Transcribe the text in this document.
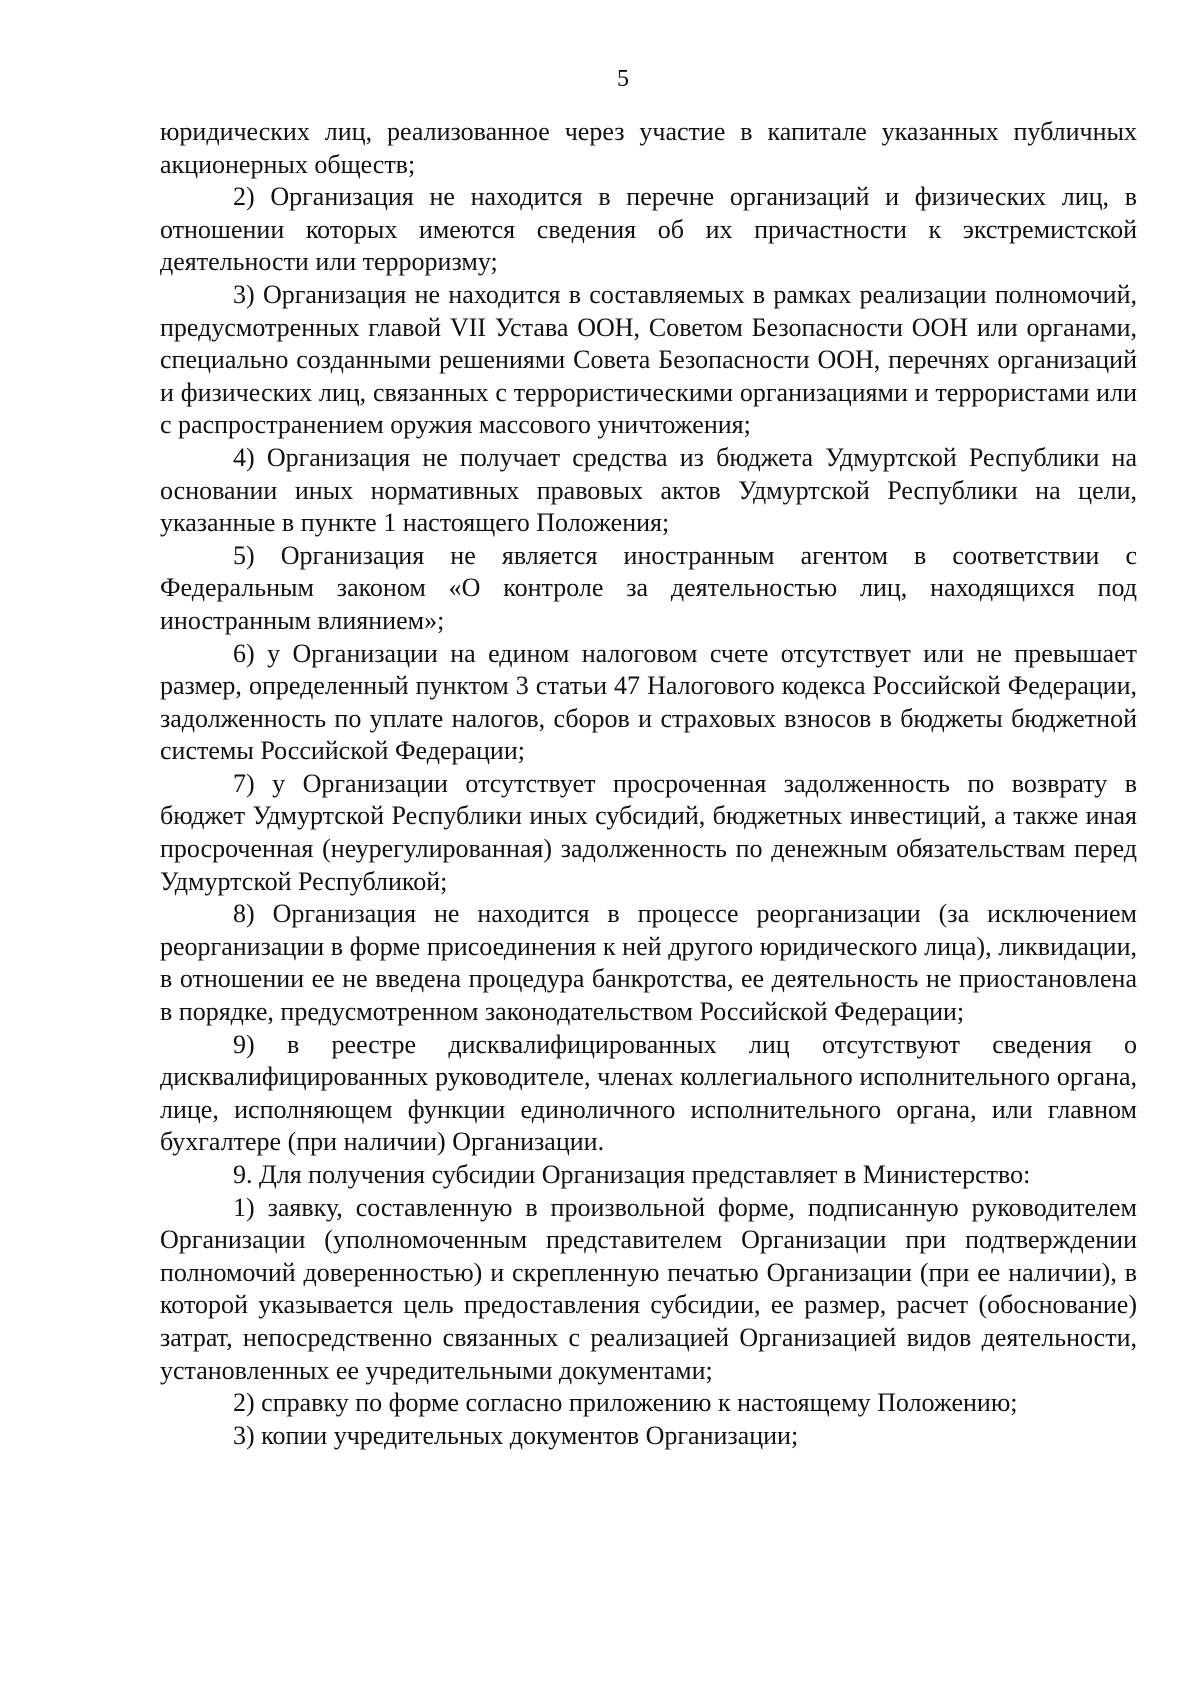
5

юридических лиц, реализованное через участие в капитале указанных публичных акционерных обществ;

2) Организация не находится в перечне организаций и физических лиц, в отношении которых имеются сведения об их причастности к экстремистской деятельности или терроризму;

3) Организация не находится в составляемых в рамках реализации полномочий, предусмотренных главой VII Устава ООН, Советом Безопасности ООН или органами, специально созданными решениями Совета Безопасности ООН, перечнях организаций и физических лиц, связанных с террористическими организациями и террористами или с распространением оружия массового уничтожения;

4) Организация не получает средства из бюджета Удмуртской Республики на основании иных нормативных правовых актов Удмуртской Республики на цели, указанные в пункте 1 настоящего Положения;

5) Организация не является иностранным агентом в соответствии с Федеральным законом «О контроле за деятельностью лиц, находящихся под иностранным влиянием»;

6) у Организации на едином налоговом счете отсутствует или не превышает размер, определенный пунктом 3 статьи 47 Налогового кодекса Российской Федерации, задолженность по уплате налогов, сборов и страховых взносов в бюджеты бюджетной системы Российской Федерации;

7) у Организации отсутствует просроченная задолженность по возврату в бюджет Удмуртской Республики иных субсидий, бюджетных инвестиций, а также иная просроченная (неурегулированная) задолженность по денежным обязательствам перед Удмуртской Республикой;

8) Организация не находится в процессе реорганизации (за исключением реорганизации в форме присоединения к ней другого юридического лица), ликвидации, в отношении ее не введена процедура банкротства, ее деятельность не приостановлена в порядке, предусмотренном законодательством Российской Федерации;

9) в реестре дисквалифицированных лиц отсутствуют сведения о дисквалифицированных руководителе, членах коллегиального исполнительного органа, лице, исполняющем функции единоличного исполнительного органа, или главном бухгалтере (при наличии) Организации.

9. Для получения субсидии Организация представляет в Министерство:

1) заявку, составленную в произвольной форме, подписанную руководителем Организации (уполномоченным представителем Организации при подтверждении полномочий доверенностью) и скрепленную печатью Организации (при ее наличии), в которой указывается цель предоставления субсидии, ее размер, расчет (обоснование) затрат, непосредственно связанных с реализацией Организацией видов деятельности, установленных ее учредительными документами;

2) справку по форме согласно приложению к настоящему Положению;

3) копии учредительных документов Организации;
